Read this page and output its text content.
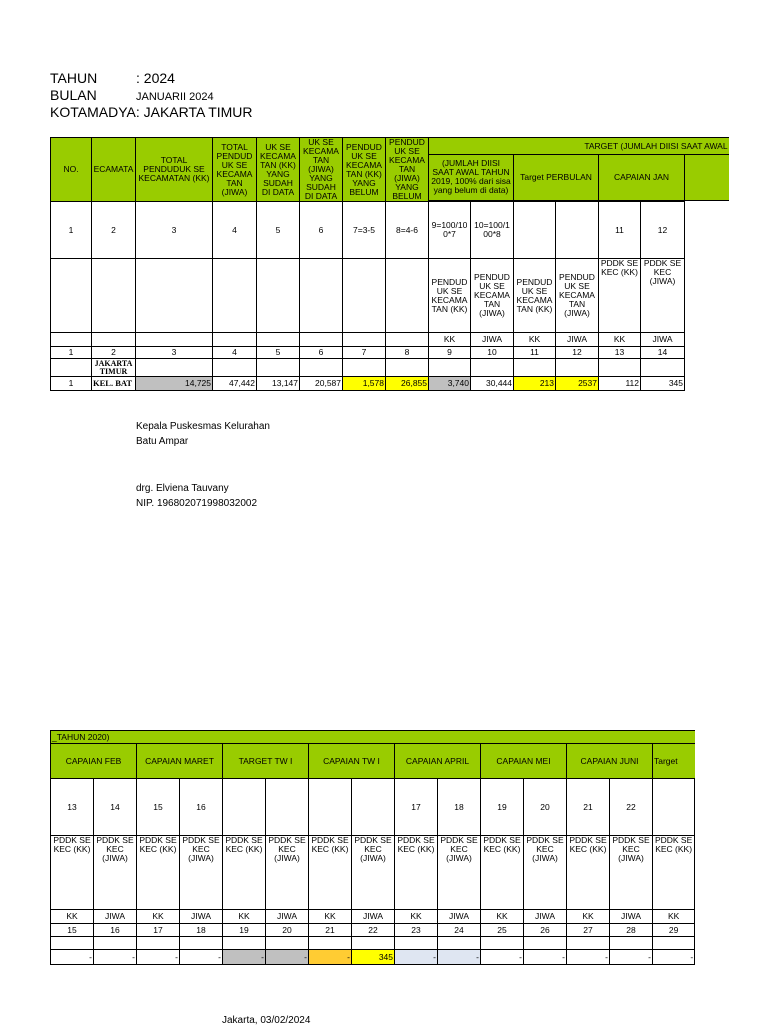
TAHUN	: 2024
BULAN	JANUARII 2024
KOTAMADYA: JAKARTA TIMUR
NO.	ECAMATA	TOTAL PENDUDUK SE KECAMATAN (KK)	TOTAL PENDUD UK SE KECAMA TAN (JIWA)	UK SE KECAMA TAN (KK) YANG SUDAH DI DATA	UK SE KECAMA TAN (JIWA) YANG SUDAH DI DATA	PENDUD UK SE KECAMA TAN (KK) YANG BELUM	PENDUD UK SE KECAMA TAN (JIWA) YANG BELUM	TARGET (JUMLAH DIISI SAAT AWAL						
								(JUMLAH DIISI SAAT AWAL TAHUN 2019, 100% dari sisa yang belum di data)		Target PERBULAN		CAPAIAN JAN		

1	2	3	4	5	6	7=3-5	8=4-6	9=100/10 0*7	10=100/1 00*8			11	12	
								PENDUD UK SE KECAMA TAN (KK)	PENDUD UK SE KECAMA TAN (JIWA)	PENDUD UK SE KECAMA TAN (KK)	PENDUD UK SE KECAMA TAN (JIWA)	PDDK SE KEC (KK)	PDDK SE KEC (JIWA)	
								KK	JIWA	KK	JIWA	KK	JIWA	
1	2	3	4	5	6	7	8	9	10	11	12	13	14	
	JAKARTA TIMUR													
1	KEL. BAT	14,725	47,442	13,147	20,587	1,578	26,855	3,740	30,444	213	2537	112	345	
Kepala Puskesmas Kelurahan
Batu Ampar
drg. Elviena Tauvany
NIP. 196802071998032002
_TAHUN 2020)														
CAPAIAN FEB		CAPAIAN MARET		TARGET TW I		CAPAIAN TW I		CAPAIAN APRIL		CAPAIAN MEI		CAPAIAN JUNI		Target
13	14	15	16					17	18	19	20	21	22	
PDDK SE KEC (KK)	PDDK SE KEC (JIWA)	PDDK SE KEC (KK)	PDDK SE KEC (JIWA)	PDDK SE KEC (KK)	PDDK SE KEC (JIWA)	PDDK SE KEC (KK)	PDDK SE KEC (JIWA)	PDDK SE KEC (KK)	PDDK SE KEC (JIWA)	PDDK SE KEC (KK)	PDDK SE KEC (JIWA)	PDDK SE KEC (KK)	PDDK SE KEC (JIWA)	PDDK SE KEC (KK)
KK	JIWA	KK	JIWA	KK	JIWA	KK	JIWA	KK	JIWA	KK	JIWA	KK	JIWA	KK
15	16	17	18	19	20	21	22	23	24	25	26	27	28	29

-	-	-	-	-	-	-	345	-	-	-	-	-	-	-
Jakarta, 03/02/2024
